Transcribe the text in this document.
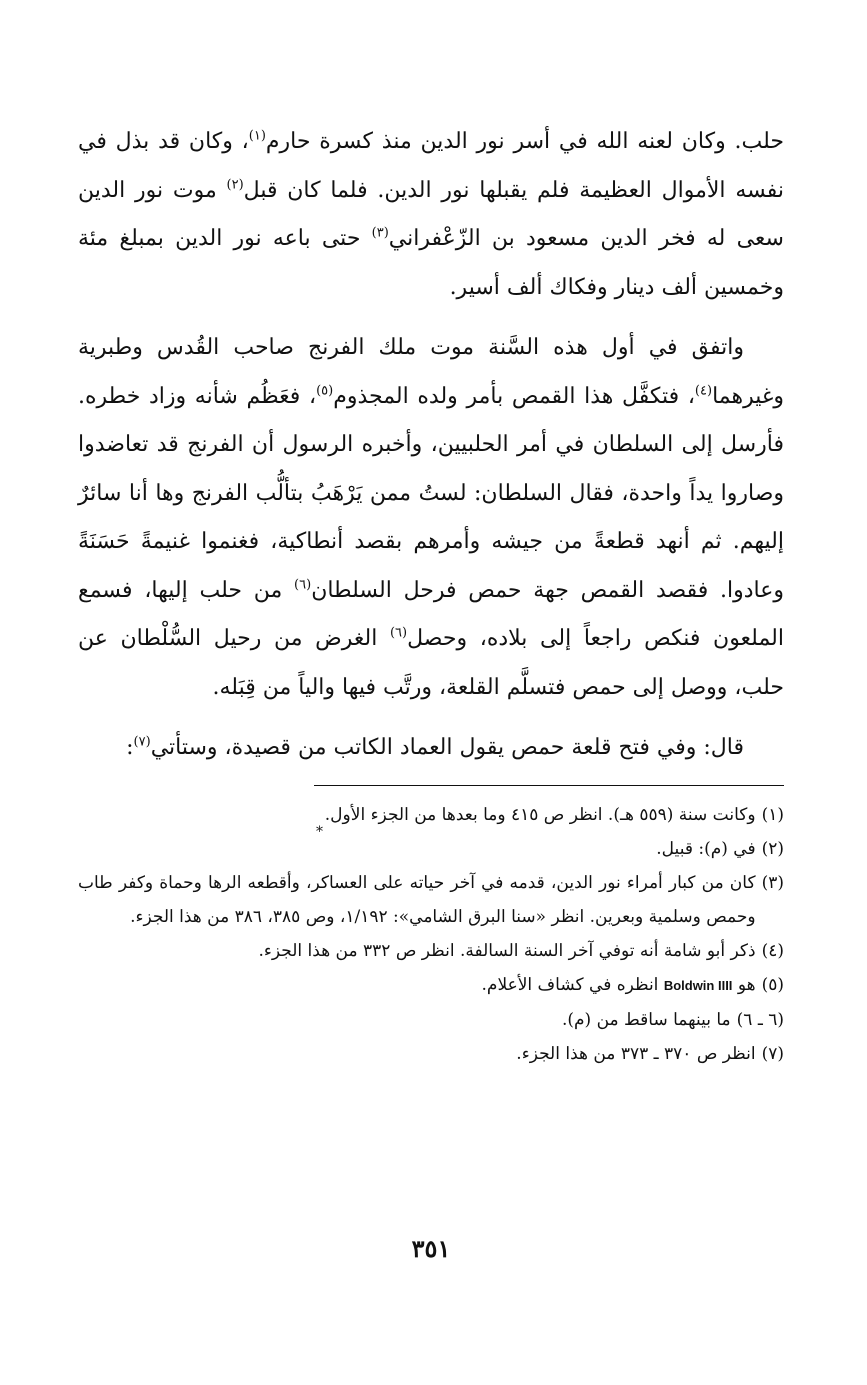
حلب. وكان لعنه الله في أسر نور الدين منذ كسرة حارم$^{(١)}$، وكان قد بذل في نفسه الأموال العظيمة فلم يقبلها نور الدين. فلما كان قبل$^{(٢)}$ موت نور الدين سعى له فخر الدين مسعود بن الزّعْفراني$^{(٣)}$ حتى باعه نور الدين بمبلغ مئة وخمسين ألف دينار وفكاك ألف أسير.

واتفق في أول هذه السَّنة موت ملك الفرنج صاحب القُدس وطبرية وغيرهما$^{(٤)}$، فتكفَّل هذا القمص بأمر ولده المجذوم$^{(٥)}$، فعَظُم شأنه وزاد خطره. فأرسل إلى السلطان في أمر الحلبيين، وأخبره الرسول أن الفرنج قد تعاضدوا وصاروا يداً واحدة، فقال السلطان: لستُ ممن يَرْهَبُ بتألُّب الفرنج وها أنا سائرٌ إليهم. ثم أنهد قطعةً من جيشه وأمرهم بقصد أنطاكية، فغنموا غنيمةً حَسَنَةً وعادوا. فقصد القمص جهة حمص فرحل السلطان$^{(٦)}$ من حلب إليها، فسمع الملعون فنكص راجعاً إلى بلاده، وحصل$^{(٦)}$ الغرض من رحيل السُّلْطان عن حلب، ووصل إلى حمص فتسلَّم القلعة، ورتَّب فيها والياً من قِبَله.

قال: وفي فتح قلعة حمص يقول العماد الكاتب من قصيدة، وستأتي$^{(٧)}$:

*
(١)
وكانت سنة (٥٥٩ هـ). انظر ص ٤١٥ وما بعدها من الجزء الأول.
(٢)
في (م): قبيل.
(٣)
كان من كبار أمراء نور الدين، قدمه في آخر حياته على العساكر، وأقطعه الرها وحماة وكفر طاب وحمص وسلمية وبعرين. انظر «سنا البرق الشامي»: ١/١٩٢، وص ٣٨٥، ٣٨٦ من هذا الجزء.
(٤)
ذكر أبو شامة أنه توفي آخر السنة السالفة. انظر ص ٣٣٢ من هذا الجزء.
(٥)
هو Boldwin IIII انظره في كشاف الأعلام.
(٦ ـ ٦)
ما بينهما ساقط من (م).
(٧)
انظر ص ٣٧٠ ـ ٣٧٣ من هذا الجزء.
٣٥١
